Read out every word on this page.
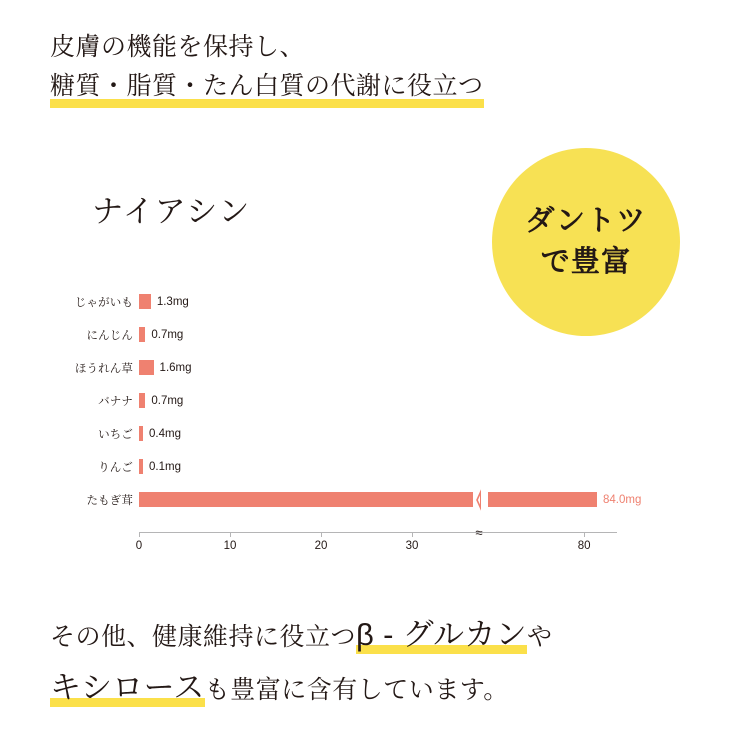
皮膚の機能を保持し、
糖質・脂質・たん白質の代謝に役立つ
ナイアシン	ダントツ
で豊富
じゃがいも 1.3mg
にんじん 0.7mg
ほうれん草 1.6mg
バナナ 0.7mg
いちご 0.4mg
りんご 0.1mg
たもぎ茸	84.0mg
0	10	20	30	80
≈
その他、健康維持に役立つβ - グルカンや
キシロースも豊富に含有しています。
